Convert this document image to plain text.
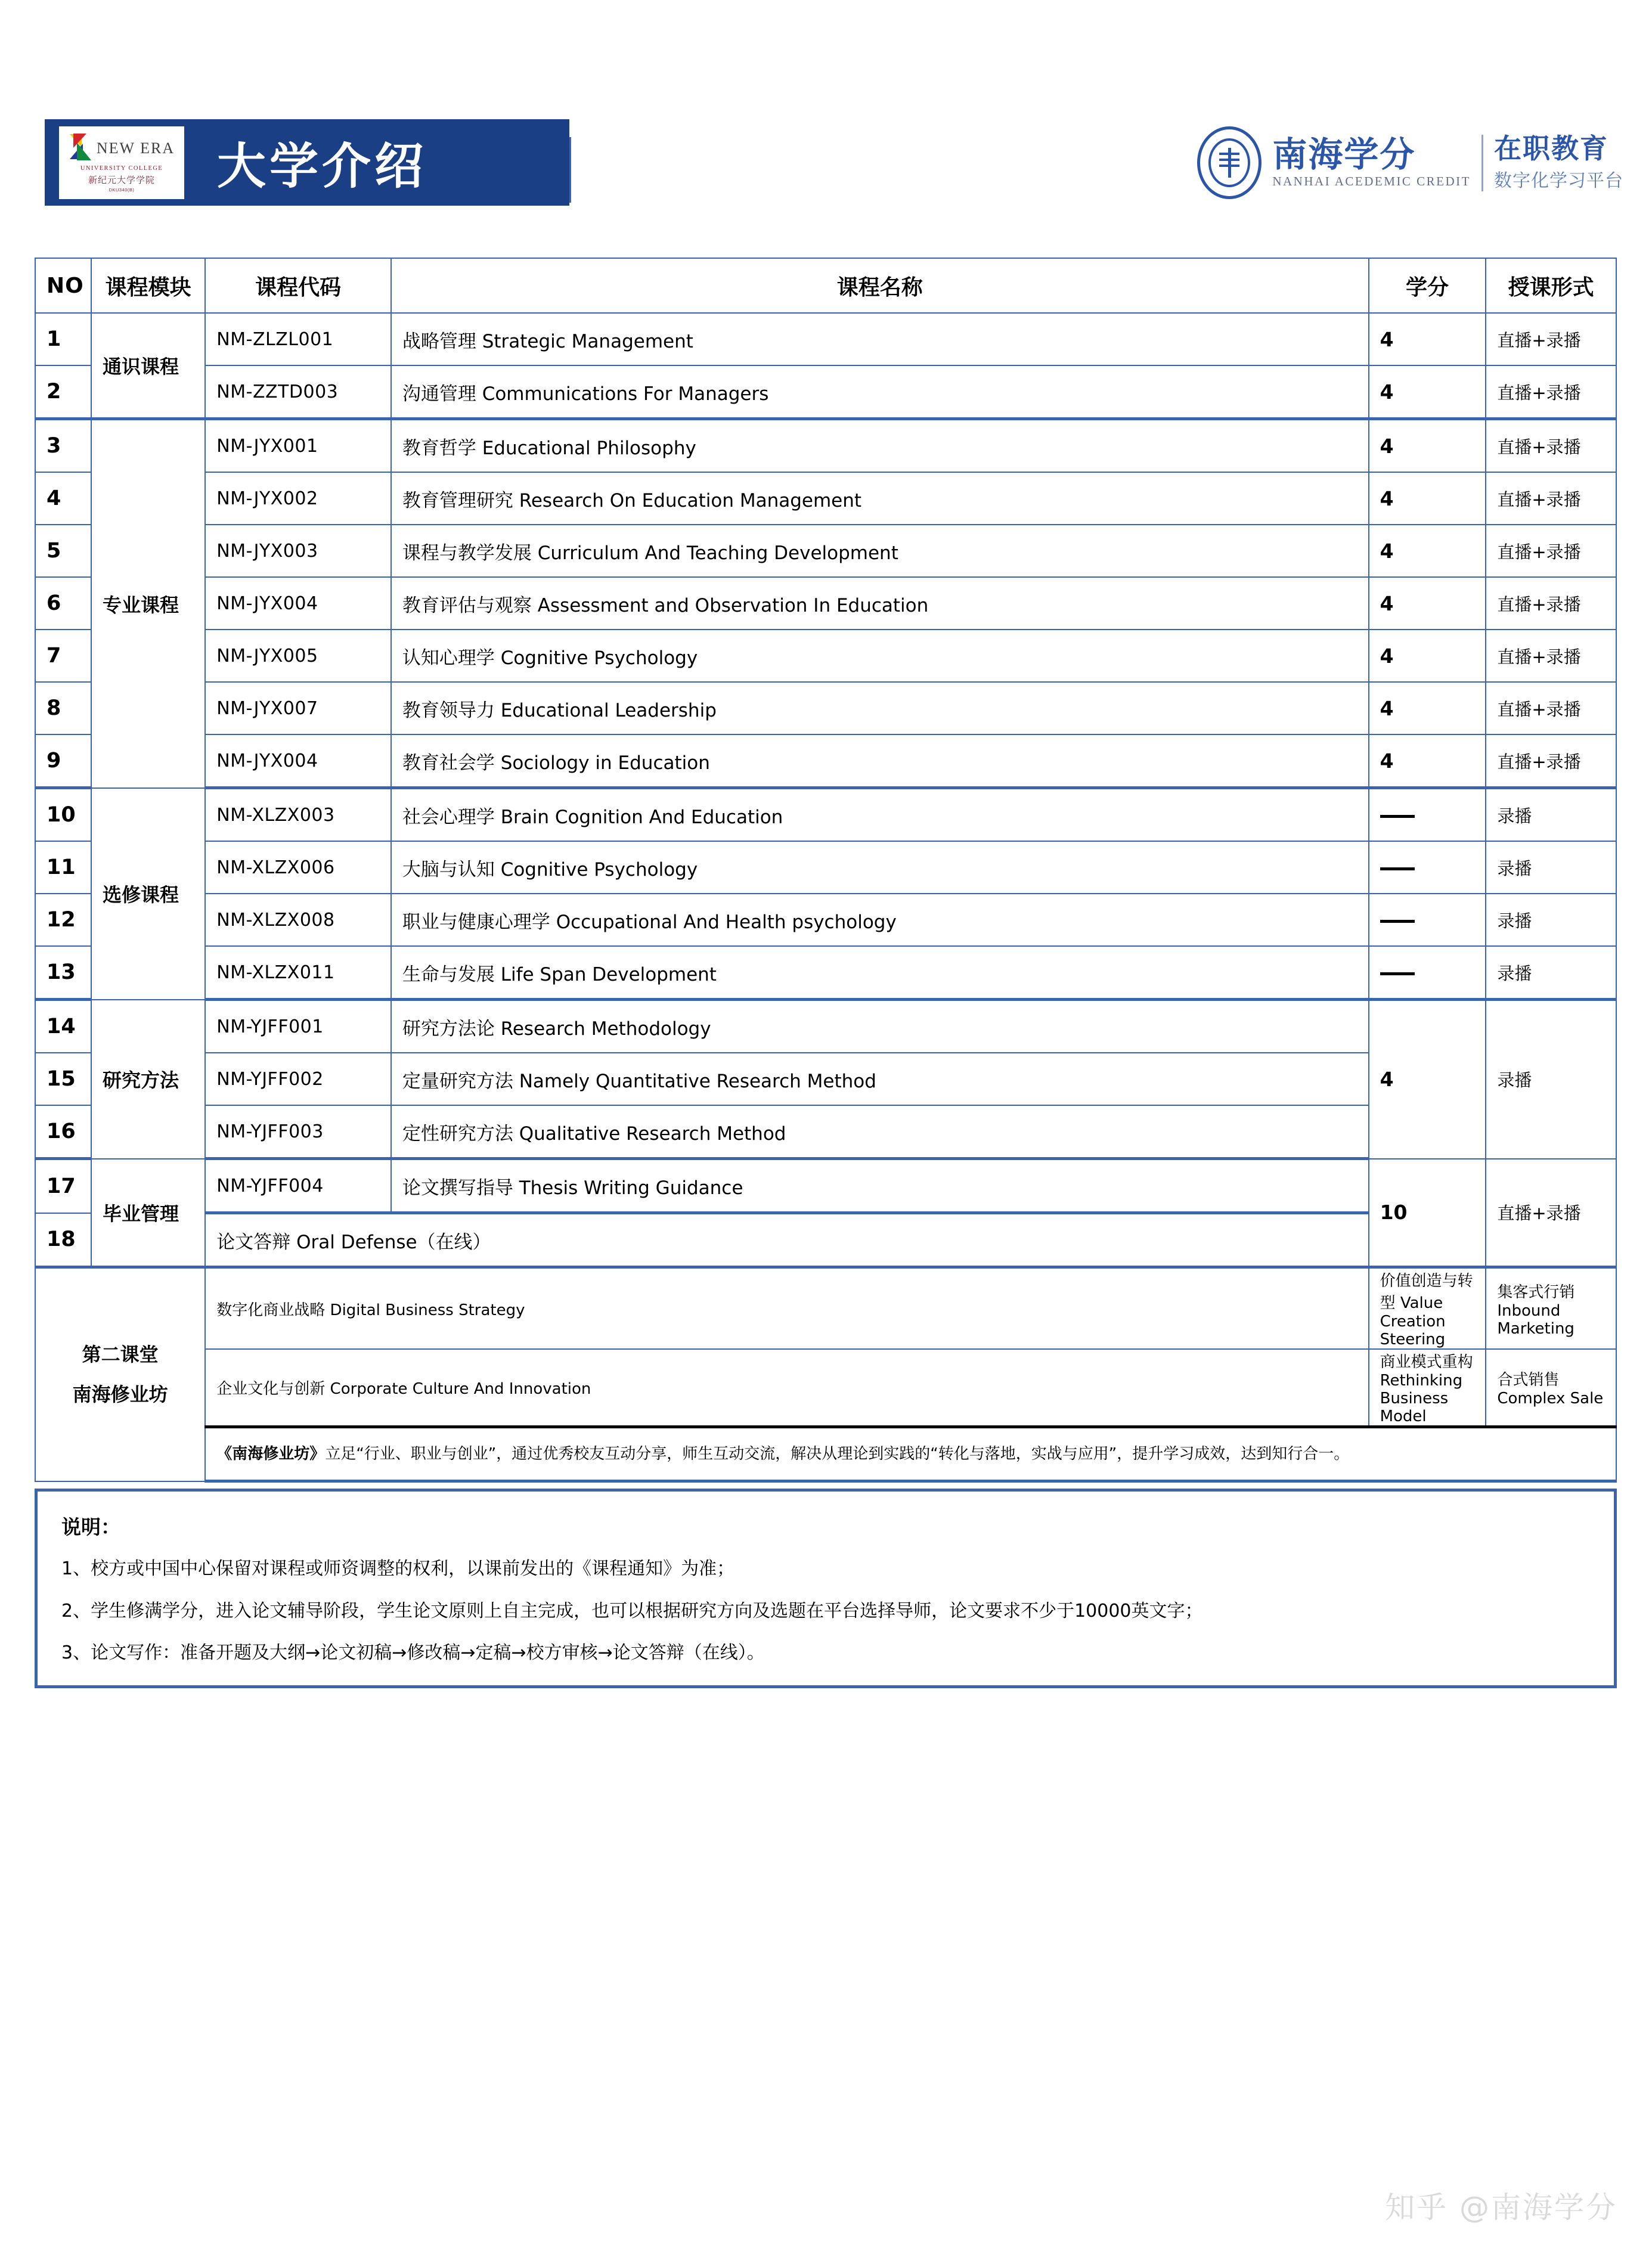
NEW ERA
UNIVERSITY COLLEGE
新纪元大学学院
DKU340(B) 大学介绍	南海学分
NANHAI ACEDEMIC CREDIT
在职教育
数字化学习平台
NO	课程模块	课程代码	课程名称	学分	授课形式
1	通识课程	NM-ZLZL001	战略管理 Strategic Management	4	直播+录播
2		NM-ZZTD003	沟通管理 Communications For Managers	4	直播+录播
3	专业课程	NM-JYX001	教育哲学 Educational Philosophy	4	直播+录播
4		NM-JYX002	教育管理研究 Research On Education Management	4	直播+录播
5		NM-JYX003	课程与教学发展 Curriculum And Teaching Development	4	直播+录播
6		NM-JYX004	教育评估与观察 Assessment and Observation In Education	4	直播+录播
7		NM-JYX005	认知心理学 Cognitive Psychology	4	直播+录播
8		NM-JYX007	教育领导力 Educational Leadership	4	直播+录播
9		NM-JYX004	教育社会学 Sociology in Education	4	直播+录播
10	选修课程	NM-XLZX003	社会心理学 Brain Cognition And Education		录播
11		NM-XLZX006	大脑与认知 Cognitive Psychology		录播
12		NM-XLZX008	职业与健康心理学 Occupational And Health psychology		录播
13		NM-XLZX011	生命与发展 Life Span Development		录播
14	研究方法	NM-YJFF001	研究方法论 Research Methodology	4	录播
15		NM-YJFF002	定量研究方法 Namely Quantitative Research Method		
16		NM-YJFF003	定性研究方法 Qualitative Research Method		
17	毕业管理	NM-YJFF004	论文撰写指导 Thesis Writing Guidance	10	直播+录播
18		论文答辩 Oral Defense（在线）			

第二课堂
南海修业坊		数字化商业战略 Digital Business Strategy		价值创造与转型 Value Creation Steering	集客式行销 Inbound Marketing
		企业文化与创新 Corporate Culture And Innovation		商业模式重构 Rethinking Business Model	合式销售 Complex Sale
		《南海修业坊》立足“行业、职业与创业”，通过优秀校友互动分享，师生互动交流，解决从理论到实践的“转化与落地，实战与应用”，提升学习成效，达到知行合一。			
说明：
1、校方或中国中心保留对课程或师资调整的权利，以课前发出的《课程通知》为准；
2、学生修满学分，进入论文辅导阶段，学生论文原则上自主完成，也可以根据研究方向及选题在平台选择导师，论文要求不少于10000英文字；
3、论文写作：准备开题及大纲→论文初稿→修改稿→定稿→校方审核→论文答辩（在线）。
知乎 @南海学分
